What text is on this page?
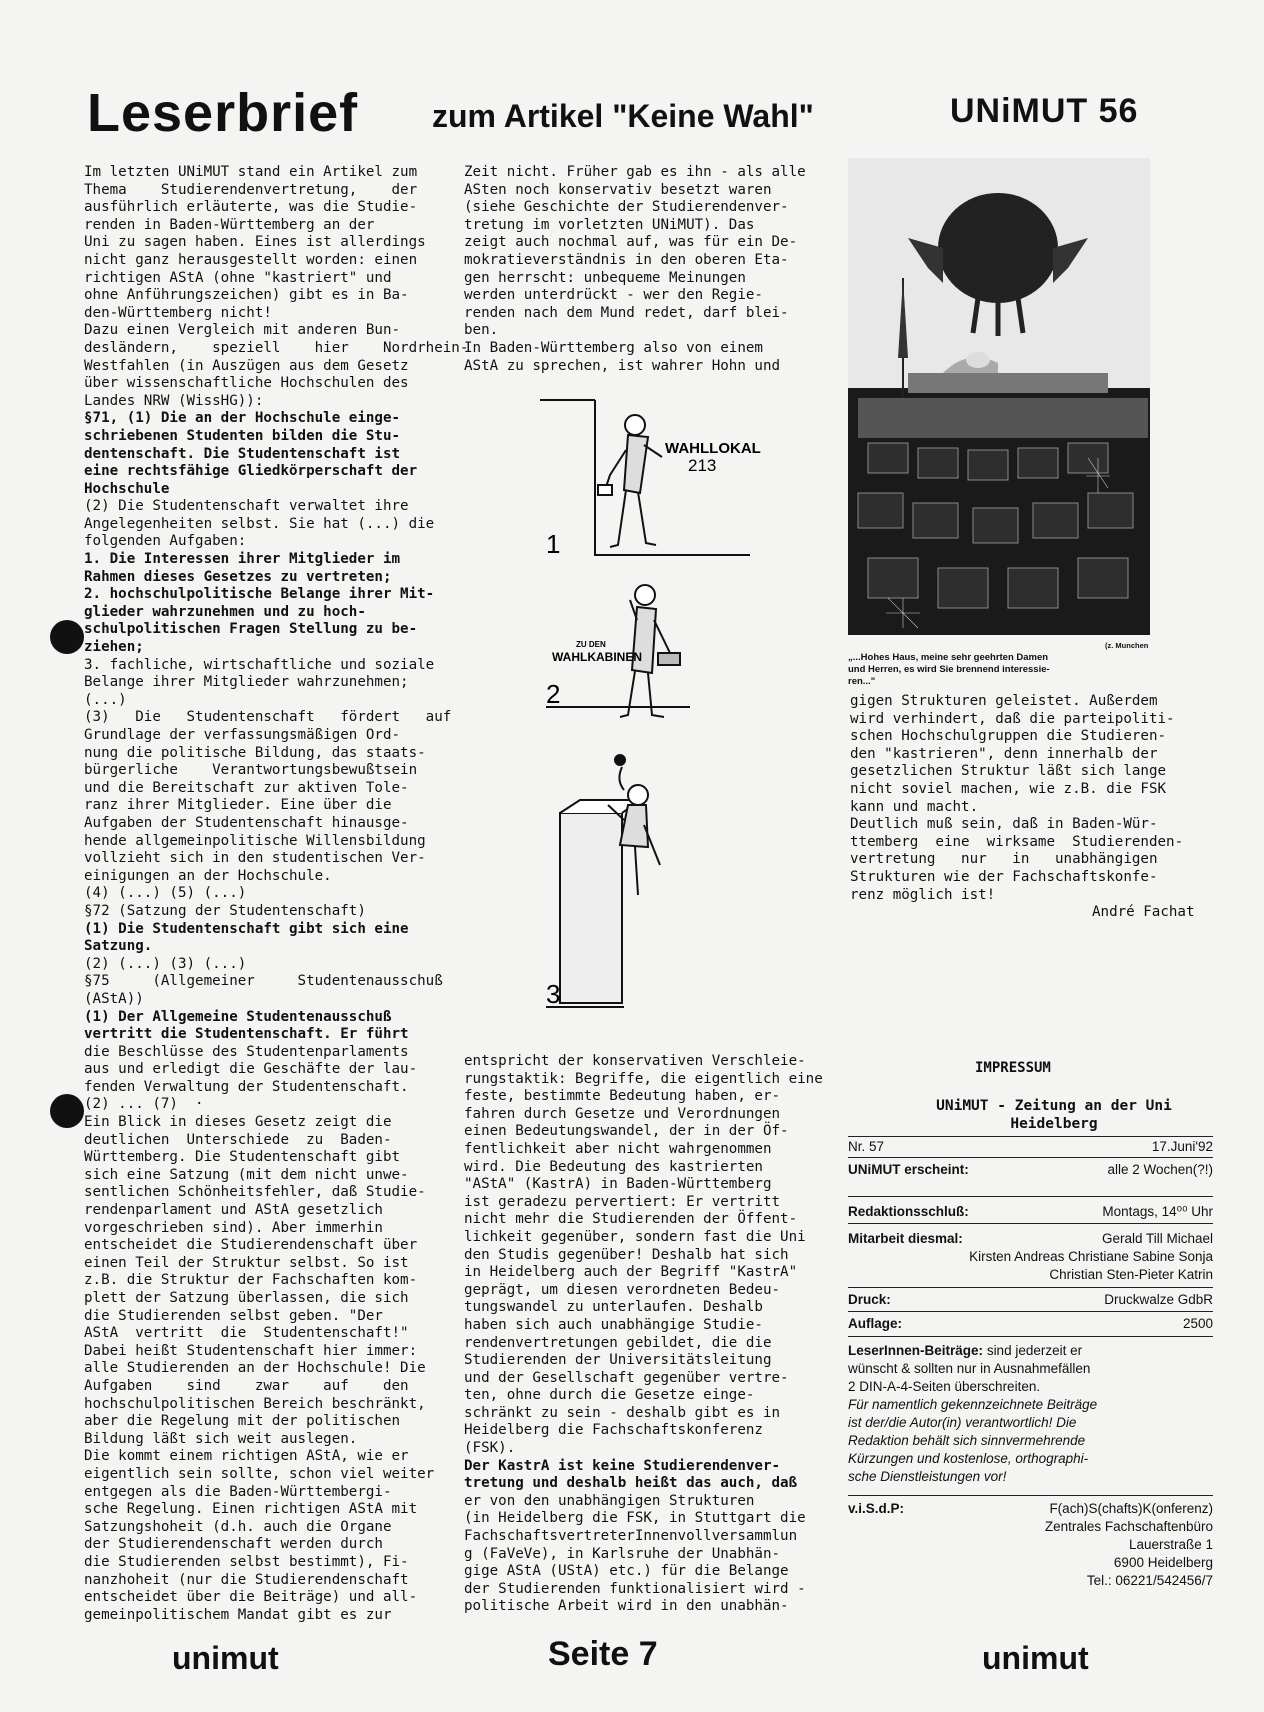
Leserbrief zum Artikel "Keine Wahl"	UNiMUT 56

Im letzten UNiMUT stand ein Artikel zum

Thema    Studierendenvertretung,    der

ausführlich erläuterte, was die Studie-

renden in Baden-Württemberg an der

Uni zu sagen haben. Eines ist allerdings

nicht ganz herausgestellt worden: einen

richtigen AStA (ohne "kastriert" und

ohne Anführungszeichen) gibt es in Ba-

den-Württemberg nicht!

Dazu einen Vergleich mit anderen Bun-

desländern,    speziell    hier    Nordrhein-

Westfahlen (in Auszügen aus dem Gesetz

über wissenschaftliche Hochschulen des

Landes NRW (WissHG)):

§71, (1) Die an der Hochschule einge-

schriebenen Studenten bilden die Stu-

dentenschaft. Die Studentenschaft ist

eine rechtsfähige Gliedkörperschaft der

Hochschule

(2) Die Studentenschaft verwaltet ihre

Angelegenheiten selbst. Sie hat (...) die

folgenden Aufgaben:

1. Die Interessen ihrer Mitglieder im

Rahmen dieses Gesetzes zu vertreten;

2. hochschulpolitische Belange ihrer Mit-

glieder wahrzunehmen und zu hoch-

schulpolitischen Fragen Stellung zu be-

ziehen;

3. fachliche, wirtschaftliche und soziale

Belange ihrer Mitglieder wahrzunehmen;

(...)

(3)   Die   Studentenschaft   fördert   auf

Grundlage der verfassungsmäßigen Ord-

nung die politische Bildung, das staats-

bürgerliche    Verantwortungsbewußtsein

und die Bereitschaft zur aktiven Tole-

ranz ihrer Mitglieder. Eine über die

Aufgaben der Studentenschaft hinausge-

hende allgemeinpolitische Willensbildung

vollzieht sich in den studentischen Ver-

einigungen an der Hochschule.

(4) (...) (5) (...)

§72 (Satzung der Studentenschaft)

(1) Die Studentenschaft gibt sich eine

Satzung.

(2) (...) (3) (...)

§75     (Allgemeiner     Studentenausschuß

(AStA))

(1) Der Allgemeine Studentenausschuß

vertritt die Studentenschaft. Er führt

die Beschlüsse des Studentenparlaments

aus und erledigt die Geschäfte der lau-

fenden Verwaltung der Studentenschaft.

(2) ... (7)  ·

Ein Blick in dieses Gesetz zeigt die

deutlichen  Unterschiede  zu  Baden-

Württemberg. Die Studentenschaft gibt

sich eine Satzung (mit dem nicht unwe-

sentlichen Schönheitsfehler, daß Studie-

rendenparlament und AStA gesetzlich

vorgeschrieben sind). Aber immerhin

entscheidet die Studierendenschaft über

einen Teil der Struktur selbst. So ist

z.B. die Struktur der Fachschaften kom-

plett der Satzung überlassen, die sich

die Studierenden selbst geben. "Der

AStA  vertritt  die  Studentenschaft!"

Dabei heißt Studentenschaft hier immer:

alle Studierenden an der Hochschule! Die

Aufgaben    sind    zwar    auf    den

hochschulpolitischen Bereich beschränkt,

aber die Regelung mit der politischen

Bildung läßt sich weit auslegen.

Die kommt einem richtigen AStA, wie er

eigentlich sein sollte, schon viel weiter

entgegen als die Baden-Württembergi-

sche Regelung. Einen richtigen AStA mit

Satzungshoheit (d.h. auch die Organe

der Studierendenschaft werden durch

die Studierenden selbst bestimmt), Fi-

nanzhoheit (nur die Studierendenschaft

entscheidet über die Beiträge) und all-

gemeinpolitischem Mandat gibt es zur

Zeit nicht. Früher gab es ihn - als alle

ASten noch konservativ besetzt waren

(siehe Geschichte der Studierendenver-

tretung im vorletzten UNiMUT). Das

zeigt auch nochmal auf, was für ein De-

mokratieverständnis in den oberen Eta-

gen herrscht: unbequeme Meinungen

werden unterdrückt - wer den Regie-

renden nach dem Mund redet, darf blei-

ben.

In Baden-Württemberg also von einem

AStA zu sprechen, ist wahrer Hohn und

WAHLLOKAL
213
1
ZU DEN
WAHLKABINEN
2
3
(z. Munchen
„...Hohes Haus, meine sehr geehrten Damen
und Herren, es wird Sie brennend interessie-
ren..."

gigen Strukturen geleistet. Außerdem

wird verhindert, daß die parteipoliti-

schen Hochschulgruppen die Studieren-

den "kastrieren", denn innerhalb der

gesetzlichen Struktur läßt sich lange

nicht soviel machen, wie z.B. die FSK

kann und macht.

Deutlich muß sein, daß in Baden-Wür-

ttemberg  eine  wirksame  Studierenden-

vertretung   nur   in   unabhängigen

Strukturen wie der Fachschaftskonfe-

renz möglich ist!

André Fachat

entspricht der konservativen Verschleie-

rungstaktik: Begriffe, die eigentlich eine

feste, bestimmte Bedeutung haben, er-

fahren durch Gesetze und Verordnungen

einen Bedeutungswandel, der in der Öf-

fentlichkeit aber nicht wahrgenommen

wird. Die Bedeutung des kastrierten

"AStA" (KastrA) in Baden-Württemberg

ist geradezu pervertiert: Er vertritt

nicht mehr die Studierenden der Öffent-

lichkeit gegenüber, sondern fast die Uni

den Studis gegenüber! Deshalb hat sich

in Heidelberg auch der Begriff "KastrA"

geprägt, um diesen verordneten Bedeu-

tungswandel zu unterlaufen. Deshalb

haben sich auch unabhängige Studie-

rendenvertretungen gebildet, die die

Studierenden der Universitätsleitung

und der Gesellschaft gegenüber vertre-

ten, ohne durch die Gesetze einge-

schränkt zu sein - deshalb gibt es in

Heidelberg die Fachschaftskonferenz

(FSK).

Der KastrA ist keine Studierendenver-

tretung und deshalb heißt das auch, daß

er von den unabhängigen Strukturen

(in Heidelberg die FSK, in Stuttgart die

FachschaftsvertreterInnenvollversammlun

g (FaVeVe), in Karlsruhe der Unabhän-

gige AStA (UStA) etc.) für die Belange

der Studierenden funktionalisiert wird -

politische Arbeit wird in den unabhän-

IMPRESSUM
UNiMUT - Zeitung an der Uni
Heidelberg
Nr. 57	17.Juni'92
UNiMUT erscheint:	alle 2 Wochen(?!)
Redaktionsschluß:	Montags, 14⁰⁰ Uhr
Mitarbeit diesmal:	Gerald Till Michael
Kirsten Andreas Christiane Sabine Sonja
Christian Sten-Pieter Katrin
Druck:	Druckwalze GdbR
Auflage:	2500
LeserInnen-Beiträge: sind jederzeit er
wünscht & sollten nur in Ausnahmefällen
2 DIN-A-4-Seiten überschreiten.
Für namentlich gekennzeichnete Beiträge
ist der/die Autor(in) verantwortlich! Die
Redaktion behält sich sinnvermehrende
Kürzungen und kostenlose, orthographi-
sche Dienstleistungen vor!
v.i.S.d.P:	F(ach)S(chafts)K(onferenz)
Zentrales Fachschaftenbüro
Lauerstraße 1
6900 Heidelberg
Tel.: 06221/542456/7
unimut	Seite 7	unimut
